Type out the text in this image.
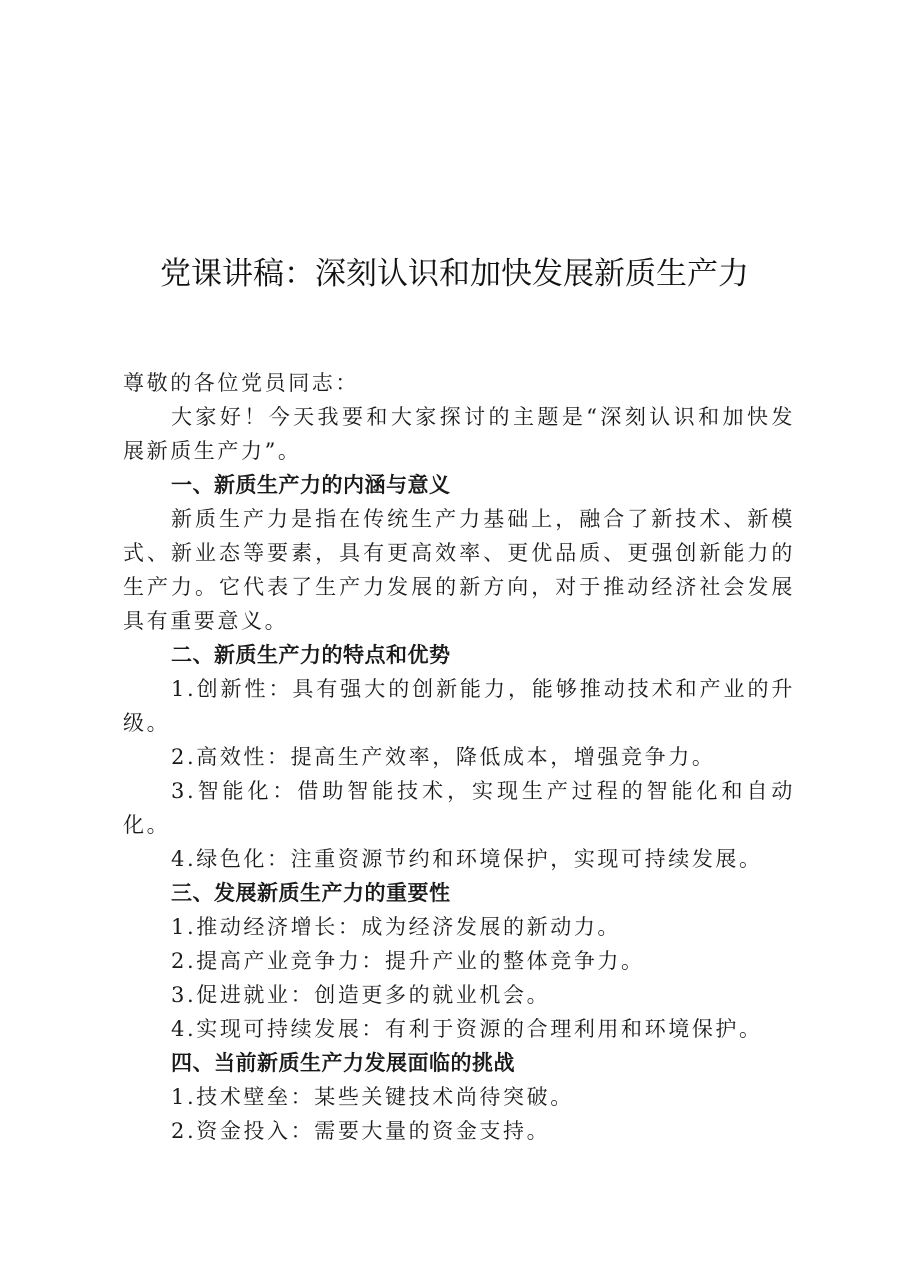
党课讲稿：深刻认识和加快发展新质生产力

尊敬的各位党员同志：

大家好！今天我要和大家探讨的主题是“深刻认识和加快发展新质生产力”。

一、新质生产力的内涵与意义

新质生产力是指在传统生产力基础上，融合了新技术、新模式、新业态等要素，具有更高效率、更优品质、更强创新能力的生产力。它代表了生产力发展的新方向，对于推动经济社会发展具有重要意义。

二、新质生产力的特点和优势

1.创新性：具有强大的创新能力，能够推动技术和产业的升级。

2.高效性：提高生产效率，降低成本，增强竞争力。

3.智能化：借助智能技术，实现生产过程的智能化和自动化。

4.绿色化：注重资源节约和环境保护，实现可持续发展。

三、发展新质生产力的重要性

1.推动经济增长：成为经济发展的新动力。

2.提高产业竞争力：提升产业的整体竞争力。

3.促进就业：创造更多的就业机会。

4.实现可持续发展：有利于资源的合理利用和环境保护。

四、当前新质生产力发展面临的挑战

1.技术壁垒：某些关键技术尚待突破。

2.资金投入：需要大量的资金支持。
